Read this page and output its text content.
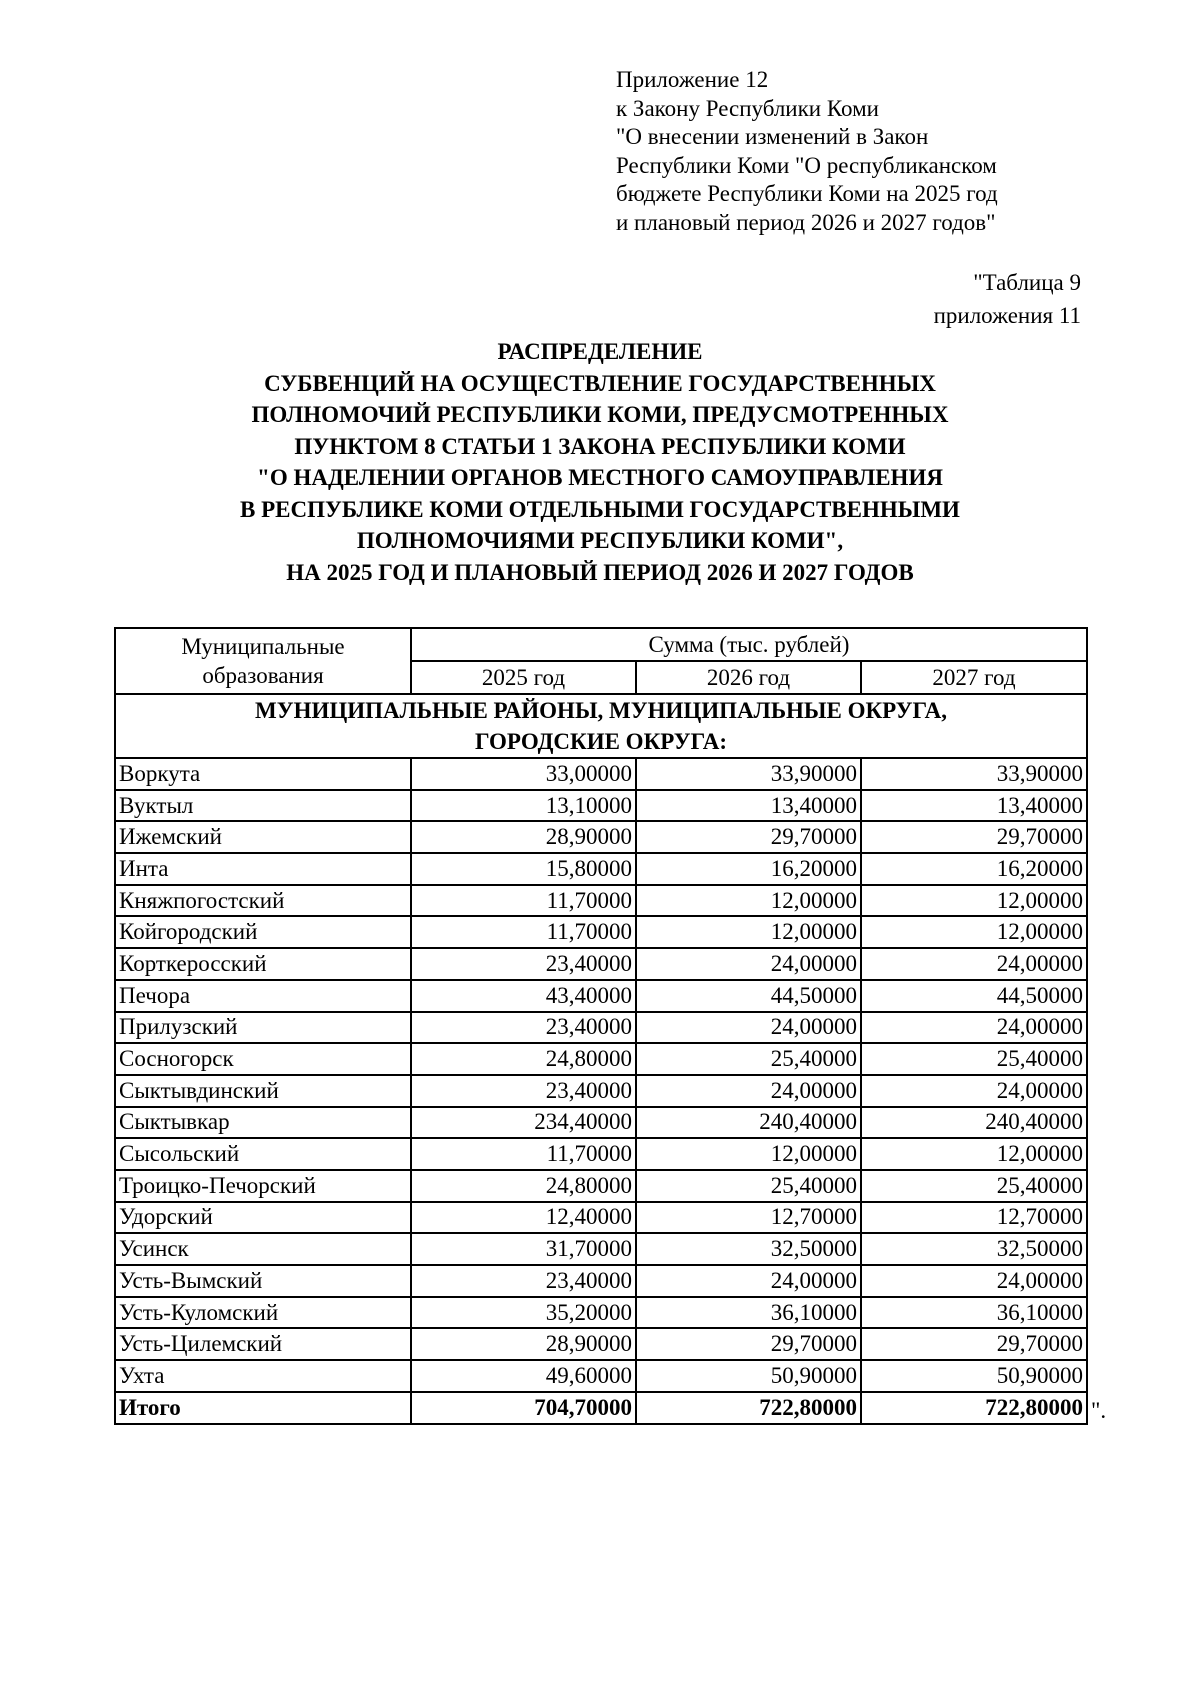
Приложение 12
к Закону Республики Коми
"О внесении изменений в Закон
Республики Коми "О республиканском
бюджете Республики Коми на 2025 год
и плановый период 2026 и 2027 годов"
"Таблица 9
приложения 11
РАСПРЕДЕЛЕНИЕ
СУБВЕНЦИЙ НА ОСУЩЕСТВЛЕНИЕ ГОСУДАРСТВЕННЫХ
ПОЛНОМОЧИЙ РЕСПУБЛИКИ КОМИ, ПРЕДУСМОТРЕННЫХ
ПУНКТОМ 8 СТАТЬИ 1 ЗАКОНА РЕСПУБЛИКИ КОМИ
"О НАДЕЛЕНИИ ОРГАНОВ МЕСТНОГО САМОУПРАВЛЕНИЯ
В РЕСПУБЛИКЕ КОМИ ОТДЕЛЬНЫМИ ГОСУДАРСТВЕННЫМИ
ПОЛНОМОЧИЯМИ РЕСПУБЛИКИ КОМИ",
НА 2025 ГОД И ПЛАНОВЫЙ ПЕРИОД 2026 И 2027 ГОДОВ
Муниципальные
образования	Сумма (тыс. рублей)		
	2025 год	2026 год	2027 год

МУНИЦИПАЛЬНЫЕ РАЙОНЫ, МУНИЦИПАЛЬНЫЕ ОКРУГА,
ГОРОДСКИЕ ОКРУГА:			

Воркута	33,00000	33,90000	33,90000
Вуктыл	13,10000	13,40000	13,40000
Ижемский	28,90000	29,70000	29,70000
Инта	15,80000	16,20000	16,20000
Княжпогостский	11,70000	12,00000	12,00000
Койгородский	11,70000	12,00000	12,00000
Корткеросский	23,40000	24,00000	24,00000
Печора	43,40000	44,50000	44,50000
Прилузский	23,40000	24,00000	24,00000
Сосногорск	24,80000	25,40000	25,40000
Сыктывдинский	23,40000	24,00000	24,00000
Сыктывкар	234,40000	240,40000	240,40000
Сысольский	11,70000	12,00000	12,00000
Троицко-Печорский	24,80000	25,40000	25,40000
Удорский	12,40000	12,70000	12,70000
Усинск	31,70000	32,50000	32,50000
Усть-Вымский	23,40000	24,00000	24,00000
Усть-Куломский	35,20000	36,10000	36,10000
Усть-Цилемский	28,90000	29,70000	29,70000
Ухта	49,60000	50,90000	50,90000
Итого	704,70000	722,80000	722,80000 ".
